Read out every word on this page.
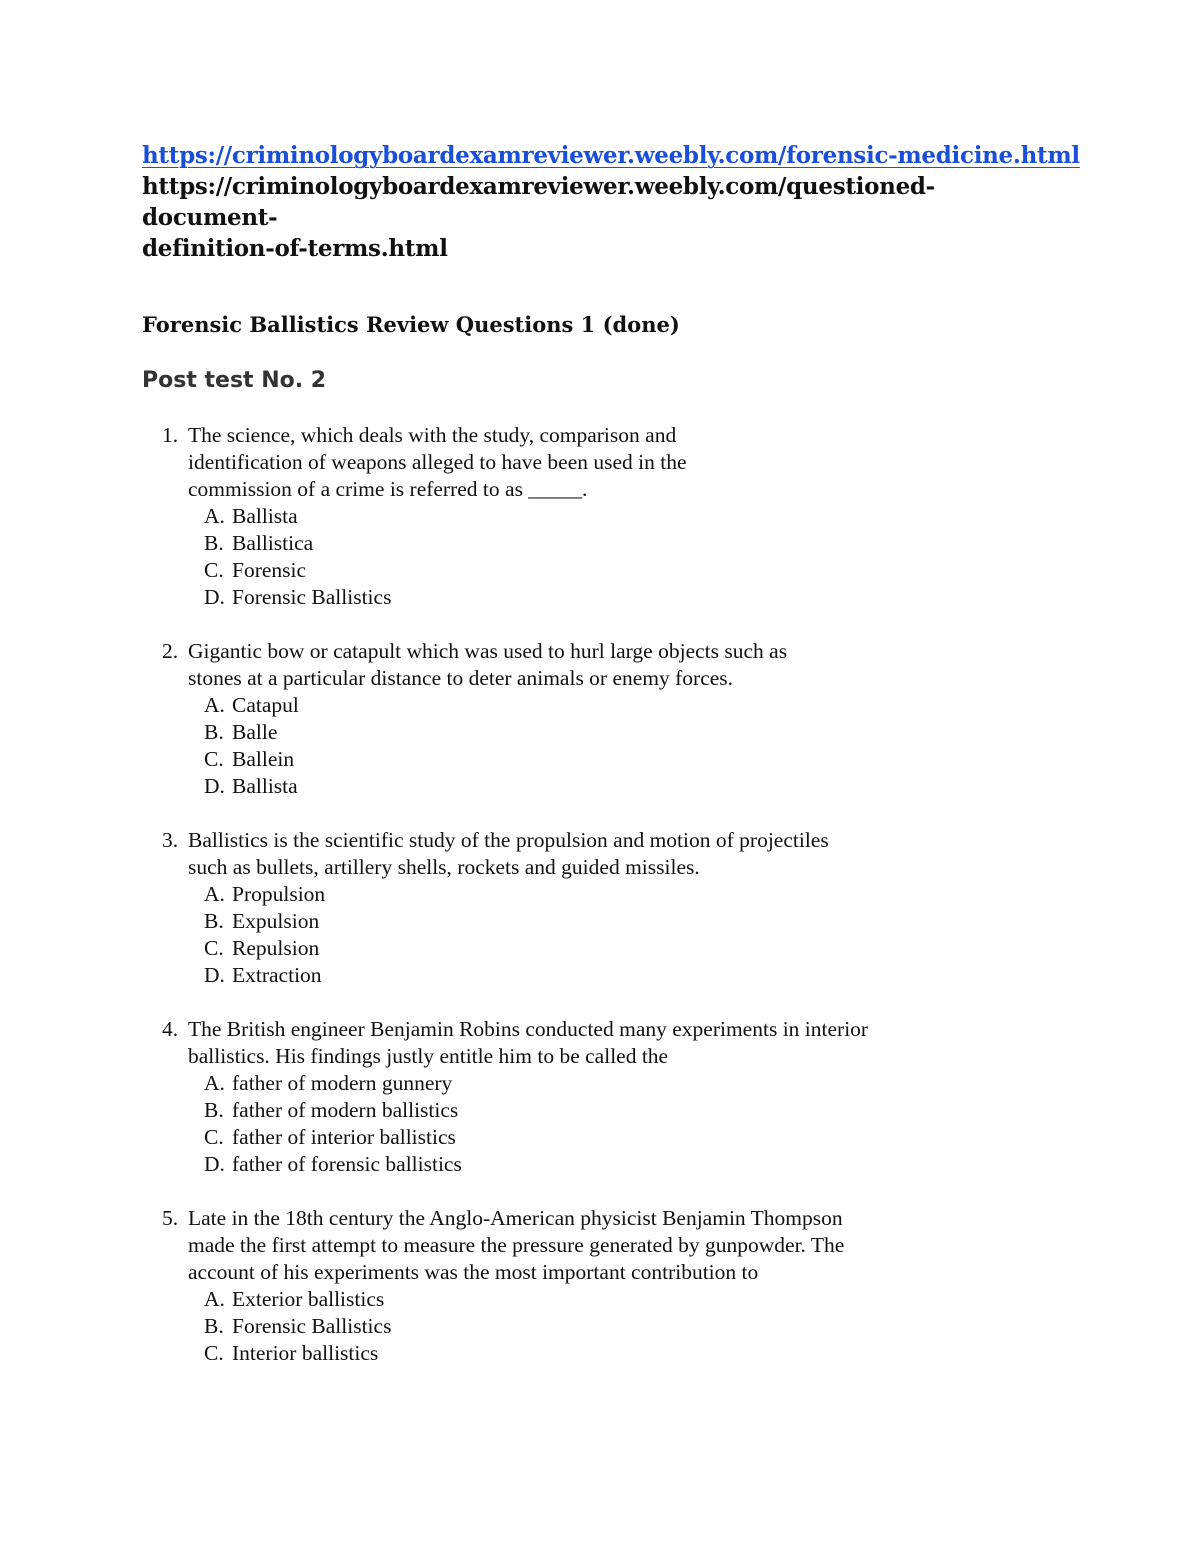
https://criminologyboardexamreviewer.weebly.com/forensic-medicine.html

https://criminologyboardexamreviewer.weebly.com/questioned-document-
definition-of-terms.html

Forensic Ballistics Review Questions 1 (done)
Post test No. 2
1. The science, which deals with the study, comparison and identification of weapons alleged to have been used in the commission of a crime is referred to as _____.
A. Ballista
B. Ballistica
C. Forensic
D. Forensic Ballistics
2. Gigantic bow or catapult which was used to hurl large objects such as stones at a particular distance to deter animals or enemy forces.
A. Catapul
B. Balle
C. Ballein
D. Ballista
3. Ballistics is the scientific study of the propulsion and motion of projectiles such as bullets, artillery shells, rockets and guided missiles.
A. Propulsion
B. Expulsion
C. Repulsion
D. Extraction
4. The British engineer Benjamin Robins conducted many experiments in interior ballistics. His findings justly entitle him to be called the
A. father of modern gunnery
B. father of modern ballistics
C. father of interior ballistics
D. father of forensic ballistics
5. Late in the 18th century the Anglo-American physicist Benjamin Thompson made the first attempt to measure the pressure generated by gunpowder. The account of his experiments was the most important contribution to
A. Exterior ballistics
B. Forensic Ballistics
C. Interior ballistics
